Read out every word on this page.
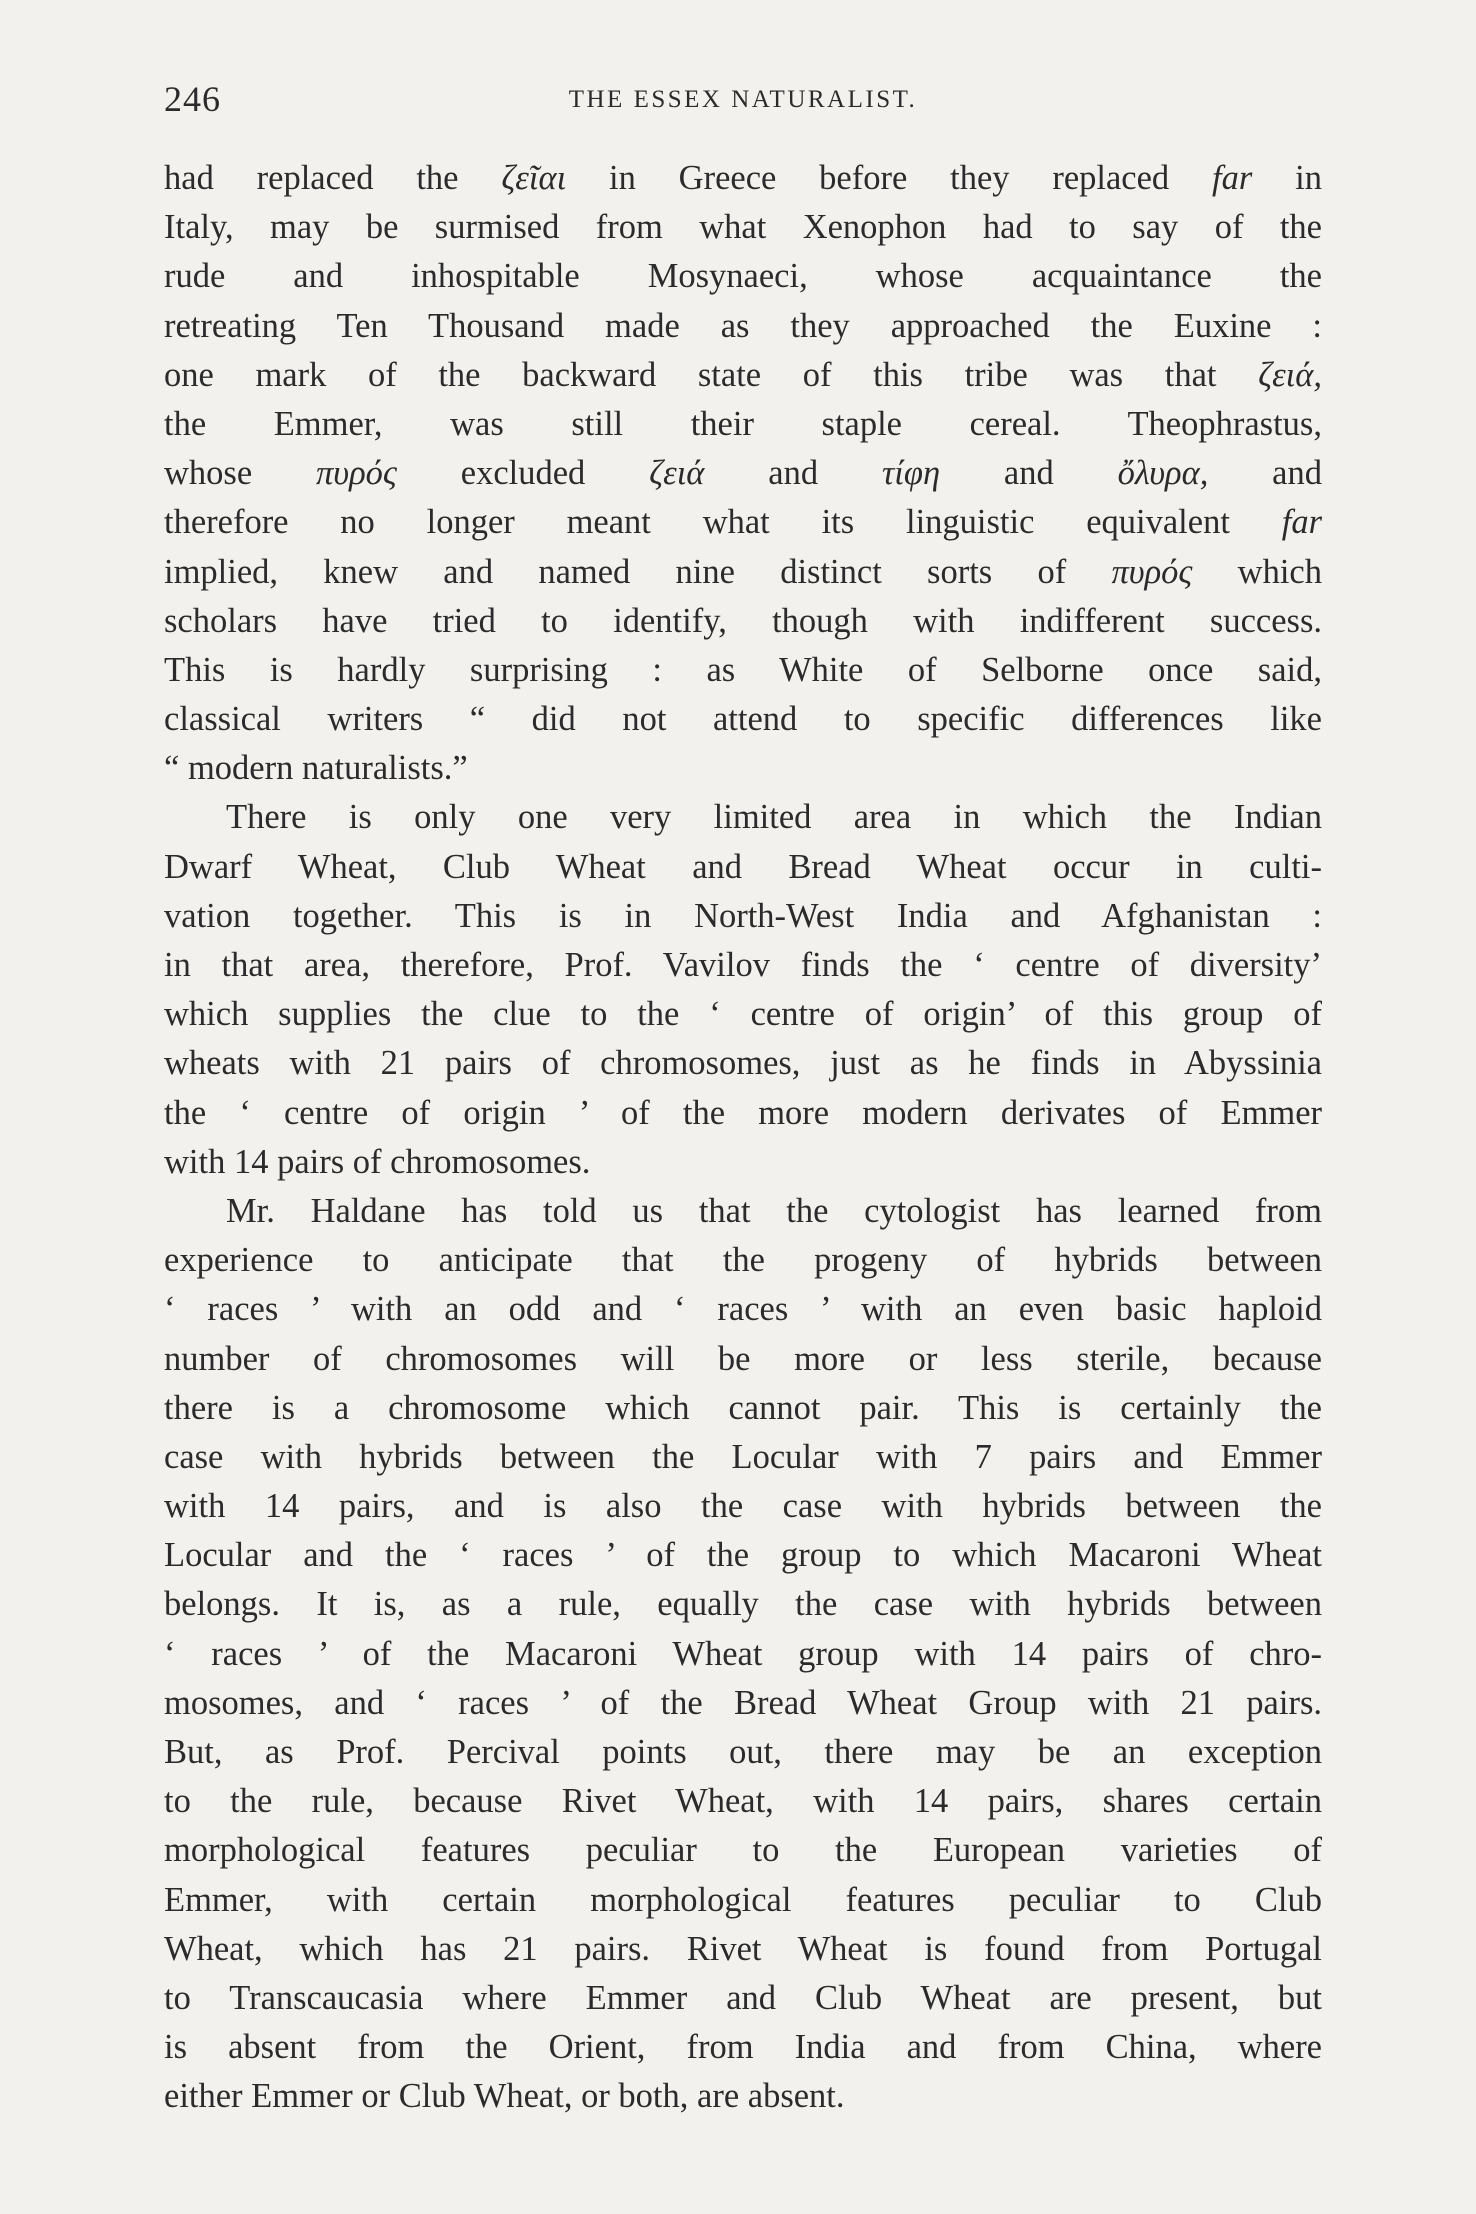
246	THE ESSEX NATURALIST.
had replaced the ζεῖαι in Greece before they replaced far in
Italy, may be surmised from what Xenophon had to say of the
rude and inhospitable Mosynaeci, whose acquaintance the
retreating Ten Thousand made as they approached the Euxine :
one mark of the backward state of this tribe was that ζειά,
the Emmer, was still their staple cereal. Theophrastus,
whose πυρός excluded ζειά and τίφη and ὄλυρα, and
therefore no longer meant what its linguistic equivalent far
implied, knew and named nine distinct sorts of πυρός which
scholars have tried to identify, though with indifferent success.
This is hardly surprising : as White of Selborne once said,
classical writers “ did not attend to specific differences like
“ modern naturalists.”
There is only one very limited area in which the Indian
Dwarf Wheat, Club Wheat and Bread Wheat occur in culti-
vation together. This is in North-West India and Afghanistan :
in that area, therefore, Prof. Vavilov finds the ‘ centre of diversity’
which supplies the clue to the ‘ centre of origin’ of this group of
wheats with 21 pairs of chromosomes, just as he finds in Abyssinia
the ‘ centre of origin ’ of the more modern derivates of Emmer
with 14 pairs of chromosomes.
Mr. Haldane has told us that the cytologist has learned from
experience to anticipate that the progeny of hybrids between
‘ races ’ with an odd and ‘ races ’ with an even basic haploid
number of chromosomes will be more or less sterile, because
there is a chromosome which cannot pair. This is certainly the
case with hybrids between the Locular with 7 pairs and Emmer
with 14 pairs, and is also the case with hybrids between the
Locular and the ‘ races ’ of the group to which Macaroni Wheat
belongs. It is, as a rule, equally the case with hybrids between
‘ races ’ of the Macaroni Wheat group with 14 pairs of chro-
mosomes, and ‘ races ’ of the Bread Wheat Group with 21 pairs.
But, as Prof. Percival points out, there may be an exception
to the rule, because Rivet Wheat, with 14 pairs, shares certain
morphological features peculiar to the European varieties of
Emmer, with certain morphological features peculiar to Club
Wheat, which has 21 pairs. Rivet Wheat is found from Portugal
to Transcaucasia where Emmer and Club Wheat are present, but
is absent from the Orient, from India and from China, where
either Emmer or Club Wheat, or both, are absent.
